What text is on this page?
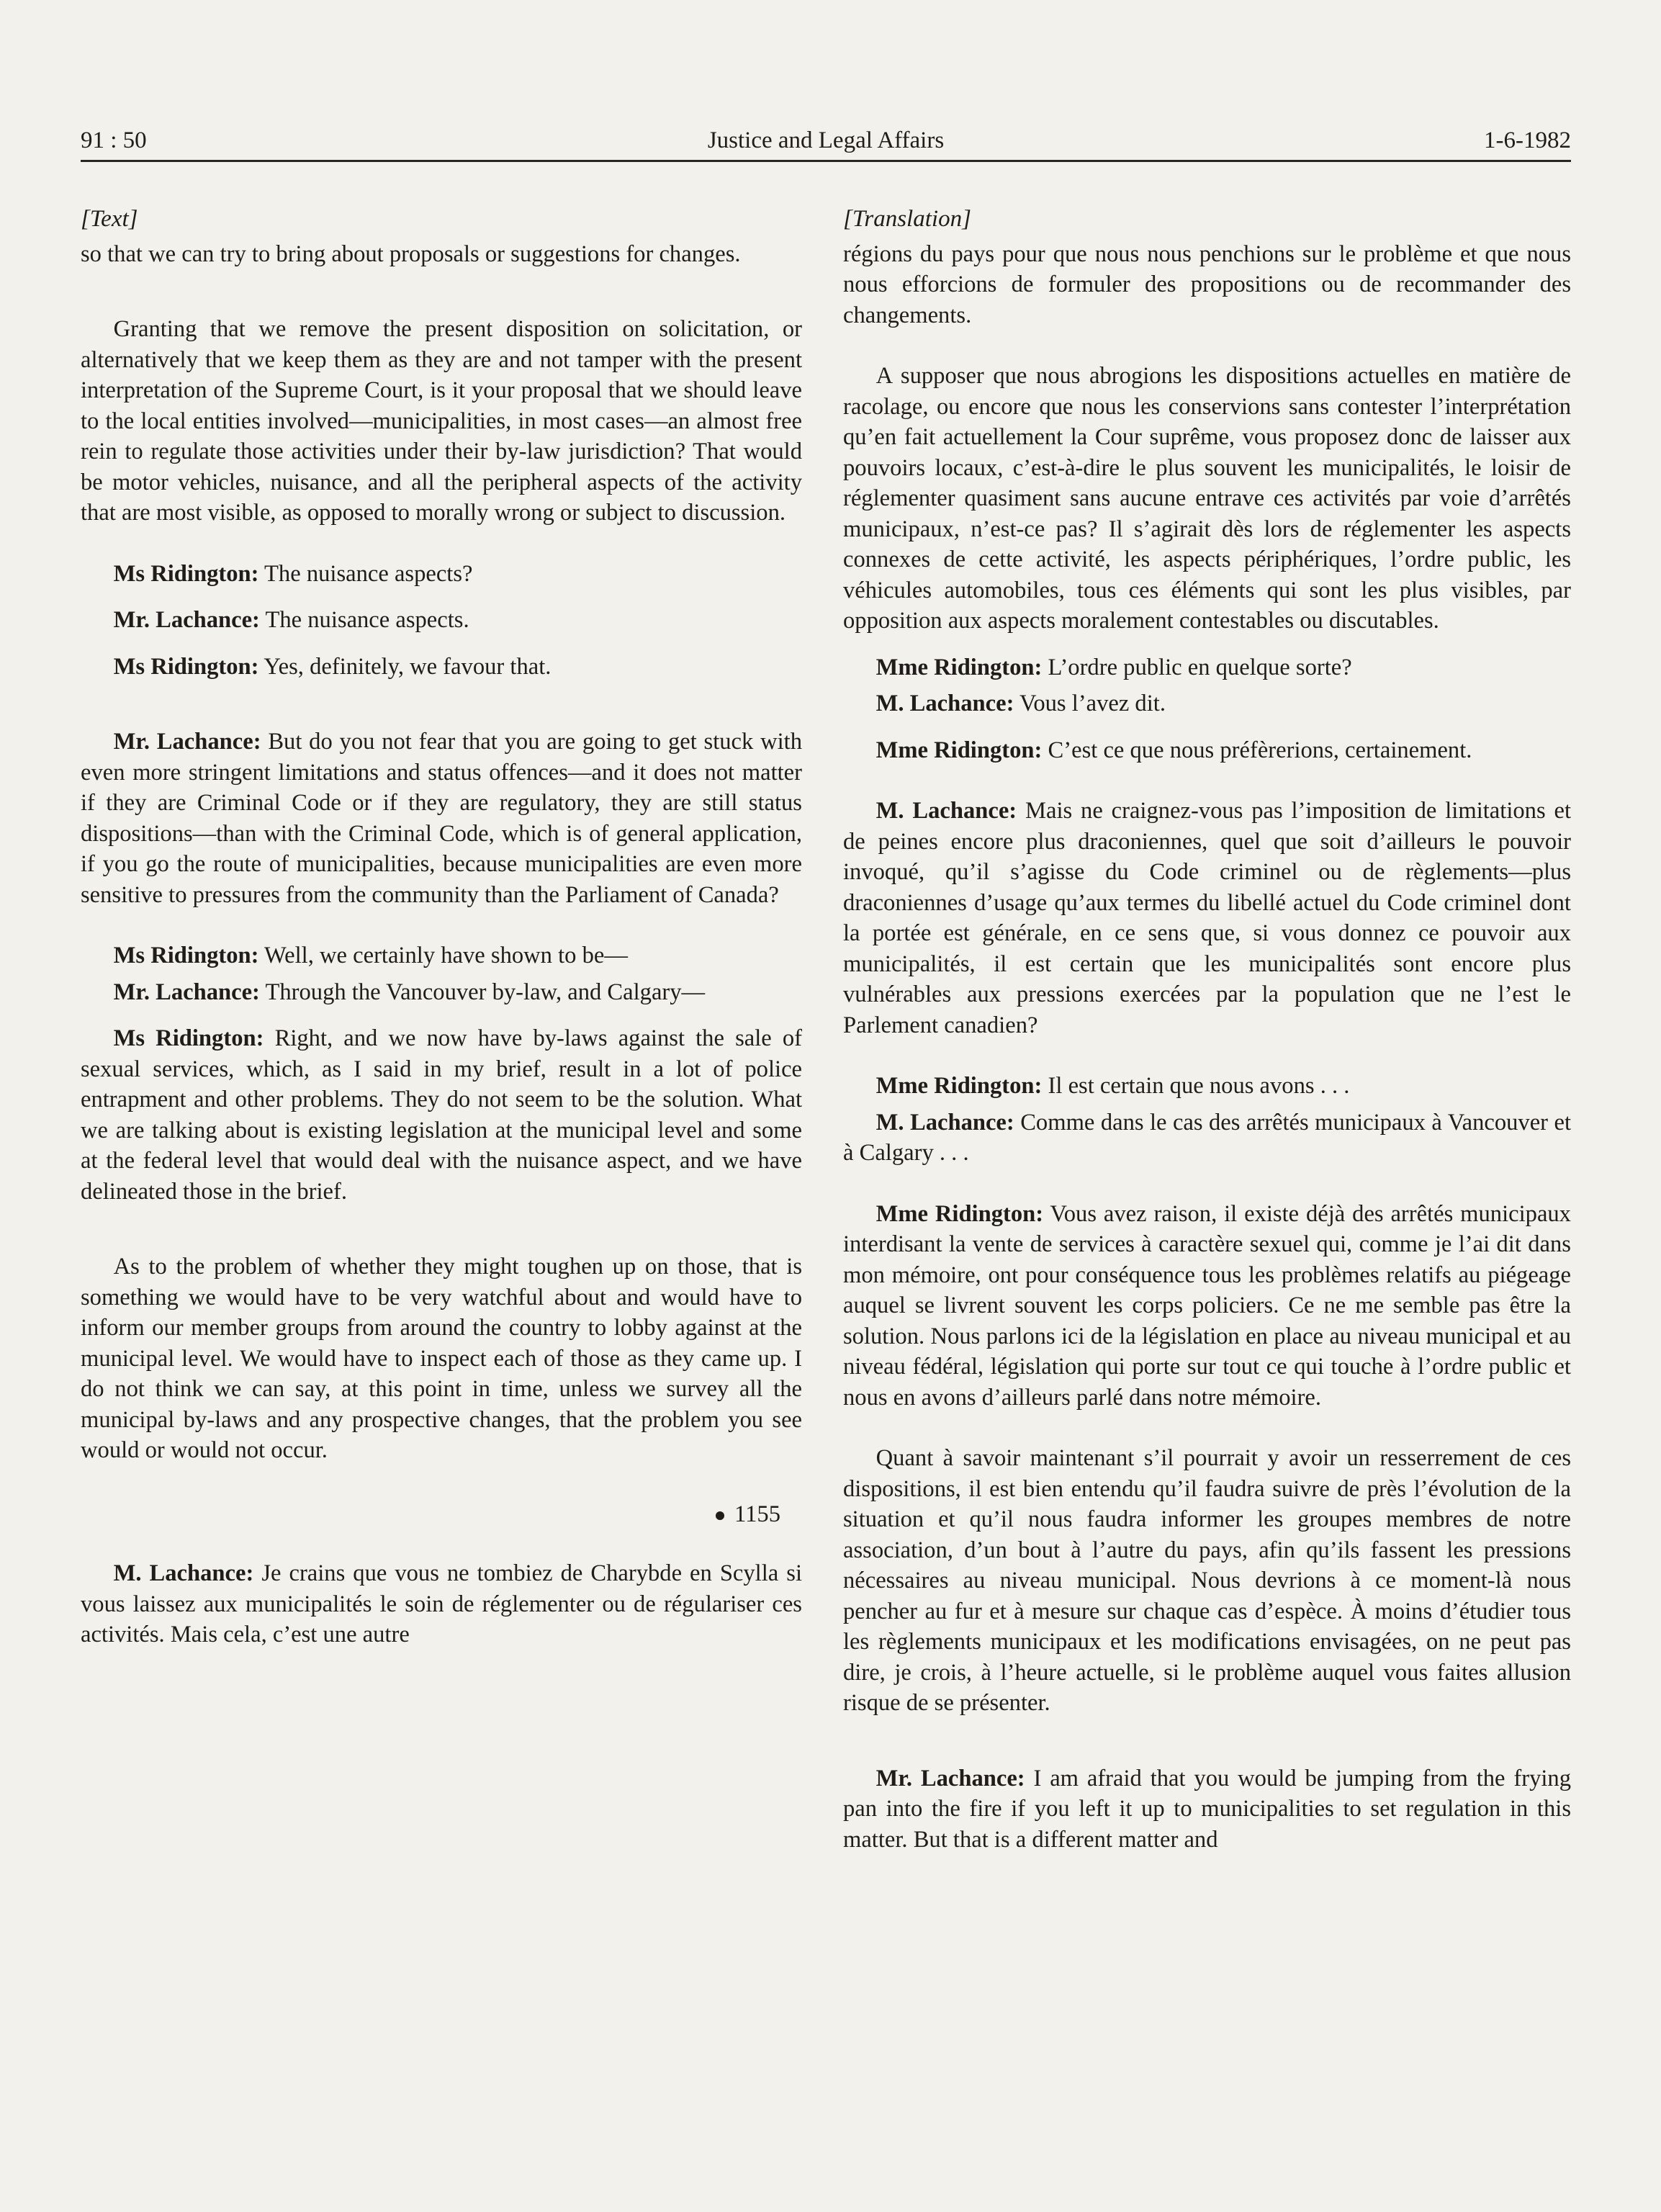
91 : 50	Justice and Legal Affairs	1-6-1982
[Text]

so that we can try to bring about proposals or suggestions for changes.

Granting that we remove the present disposition on solicitation, or alternatively that we keep them as they are and not tamper with the present interpretation of the Supreme Court, is it your proposal that we should leave to the local entities involved—municipalities, in most cases—an almost free rein to regulate those activities under their by-law jurisdiction? That would be motor vehicles, nuisance, and all the peripheral aspects of the activity that are most visible, as opposed to morally wrong or subject to discussion.

Ms Ridington: The nuisance aspects?

Mr. Lachance: The nuisance aspects.

Ms Ridington: Yes, definitely, we favour that.

Mr. Lachance: But do you not fear that you are going to get stuck with even more stringent limitations and status offences—and it does not matter if they are Criminal Code or if they are regulatory, they are still status dispositions—than with the Criminal Code, which is of general application, if you go the route of municipalities, because municipalities are even more sensitive to pressures from the community than the Parliament of Canada?

Ms Ridington: Well, we certainly have shown to be—

Mr. Lachance: Through the Vancouver by-law, and Calgary—

Ms Ridington: Right, and we now have by-laws against the sale of sexual services, which, as I said in my brief, result in a lot of police entrapment and other problems. They do not seem to be the solution. What we are talking about is existing legislation at the municipal level and some at the federal level that would deal with the nuisance aspect, and we have delineated those in the brief.

As to the problem of whether they might toughen up on those, that is something we would have to be very watchful about and would have to inform our member groups from around the country to lobby against at the municipal level. We would have to inspect each of those as they came up. I do not think we can say, at this point in time, unless we survey all the municipal by-laws and any prospective changes, that the problem you see would or would not occur.

1155

M. Lachance: Je crains que vous ne tombiez de Charybde en Scylla si vous laissez aux municipalités le soin de réglementer ou de régulariser ces activités. Mais cela, c’est une autre

[Translation]

régions du pays pour que nous nous penchions sur le problème et que nous nous efforcions de formuler des propositions ou de recommander des changements.

A supposer que nous abrogions les dispositions actuelles en matière de racolage, ou encore que nous les conservions sans contester l’interprétation qu’en fait actuellement la Cour suprême, vous proposez donc de laisser aux pouvoirs locaux, c’est-à-dire le plus souvent les municipalités, le loisir de réglementer quasiment sans aucune entrave ces activités par voie d’arrêtés municipaux, n’est-ce pas? Il s’agirait dès lors de réglementer les aspects connexes de cette activité, les aspects périphériques, l’ordre public, les véhicules automobiles, tous ces éléments qui sont les plus visibles, par opposition aux aspects moralement contestables ou discutables.

Mme Ridington: L’ordre public en quelque sorte?

M. Lachance: Vous l’avez dit.

Mme Ridington: C’est ce que nous préfèrerions, certainement.

M. Lachance: Mais ne craignez-vous pas l’imposition de limitations et de peines encore plus draconiennes, quel que soit d’ailleurs le pouvoir invoqué, qu’il s’agisse du Code criminel ou de règlements—plus draconiennes d’usage qu’aux termes du libellé actuel du Code criminel dont la portée est générale, en ce sens que, si vous donnez ce pouvoir aux municipalités, il est certain que les municipalités sont encore plus vulnérables aux pressions exercées par la population que ne l’est le Parlement canadien?

Mme Ridington: Il est certain que nous avons . . .

M. Lachance: Comme dans le cas des arrêtés municipaux à Vancouver et à Calgary . . .

Mme Ridington: Vous avez raison, il existe déjà des arrêtés municipaux interdisant la vente de services à caractère sexuel qui, comme je l’ai dit dans mon mémoire, ont pour conséquence tous les problèmes relatifs au piégeage auquel se livrent souvent les corps policiers. Ce ne me semble pas être la solution. Nous parlons ici de la législation en place au niveau municipal et au niveau fédéral, législation qui porte sur tout ce qui touche à l’ordre public et nous en avons d’ailleurs parlé dans notre mémoire.

Quant à savoir maintenant s’il pourrait y avoir un resserrement de ces dispositions, il est bien entendu qu’il faudra suivre de près l’évolution de la situation et qu’il nous faudra informer les groupes membres de notre association, d’un bout à l’autre du pays, afin qu’ils fassent les pressions nécessaires au niveau municipal. Nous devrions à ce moment-là nous pencher au fur et à mesure sur chaque cas d’espèce. À moins d’étudier tous les règlements municipaux et les modifications envisagées, on ne peut pas dire, je crois, à l’heure actuelle, si le problème auquel vous faites allusion risque de se présenter.

Mr. Lachance: I am afraid that you would be jumping from the frying pan into the fire if you left it up to municipalities to set regulation in this matter. But that is a different matter and
